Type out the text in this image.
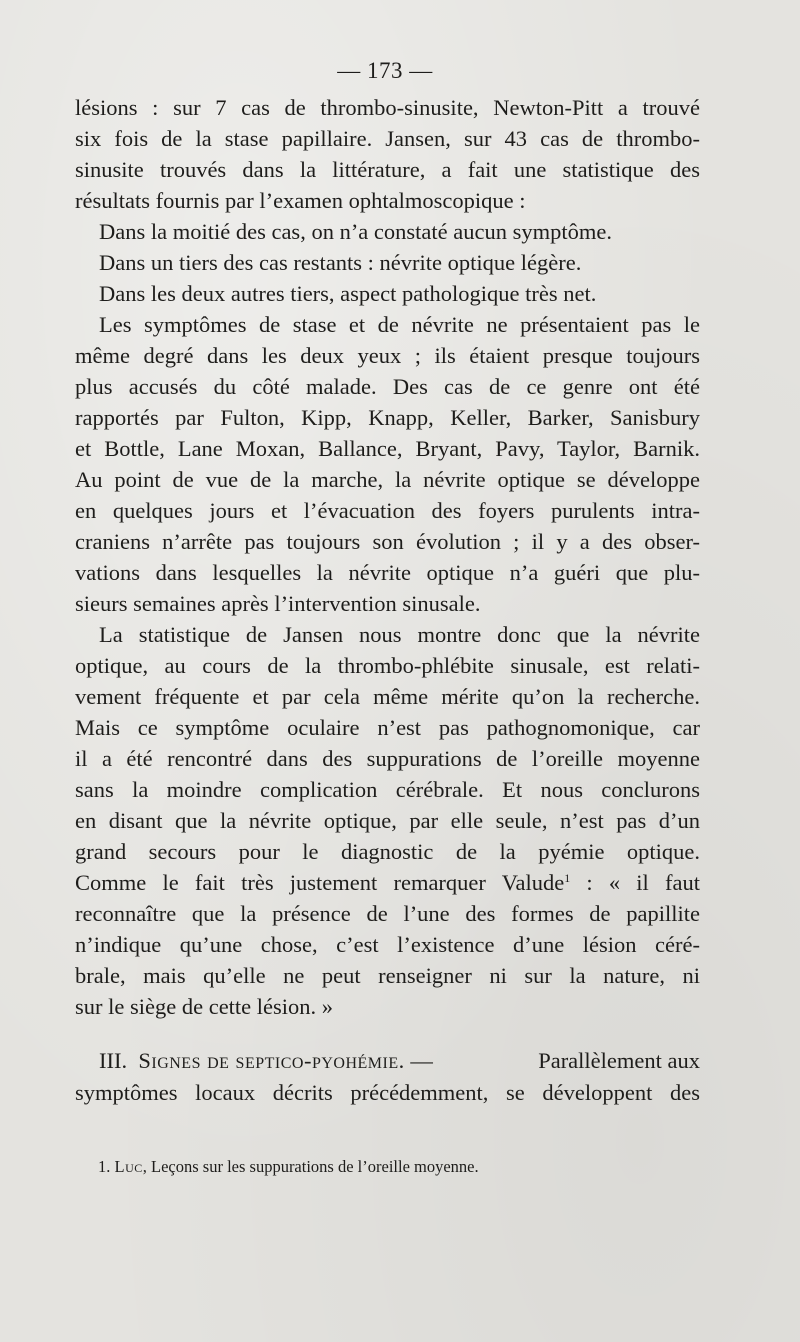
— 173 —
lésions : sur 7 cas de thrombo-sinusite, Newton-Pitt a trouvé
six fois de la stase papillaire. Jansen, sur 43 cas de thrombo-
sinusite trouvés dans la littérature, a fait une statistique des
résultats fournis par l’examen ophtalmoscopique :
Dans la moitié des cas, on n’a constaté aucun symptôme.
Dans un tiers des cas restants : névrite optique légère.
Dans les deux autres tiers, aspect pathologique très net.
Les symptômes de stase et de névrite ne présentaient pas le
même degré dans les deux yeux ; ils étaient presque toujours
plus accusés du côté malade. Des cas de ce genre ont été
rapportés par Fulton, Kipp, Knapp, Keller, Barker, Sanisbury
et Bottle, Lane Moxan, Ballance, Bryant, Pavy, Taylor, Barnik.
Au point de vue de la marche, la névrite optique se développe
en quelques jours et l’évacuation des foyers purulents intra-
craniens n’arrête pas toujours son évolution ; il y a des obser-
vations dans lesquelles la névrite optique n’a guéri que plu-
sieurs semaines après l’intervention sinusale.
La statistique de Jansen nous montre donc que la névrite
optique, au cours de la thrombo-phlébite sinusale, est relati-
vement fréquente et par cela même mérite qu’on la recherche.
Mais ce symptôme oculaire n’est pas pathognomonique, car
il a été rencontré dans des suppurations de l’oreille moyenne
sans la moindre complication cérébrale. Et nous conclurons
en disant que la névrite optique, par elle seule, n’est pas d’un
grand secours pour le diagnostic de la pyémie optique.
Comme le fait très justement remarquer Valude$^1$ : « il faut
reconnaître que la présence de l’une des formes de papillite
n’indique qu’une chose, c’est l’existence d’une lésion céré-
brale, mais qu’elle ne peut renseigner ni sur la nature, ni
sur le siège de cette lésion. »
III. Signes de septico-pyohémie. —	Parallèlement aux
symptômes locaux décrits précédemment, se développent des
1. Luc, Leçons sur les suppurations de l’oreille moyenne.
